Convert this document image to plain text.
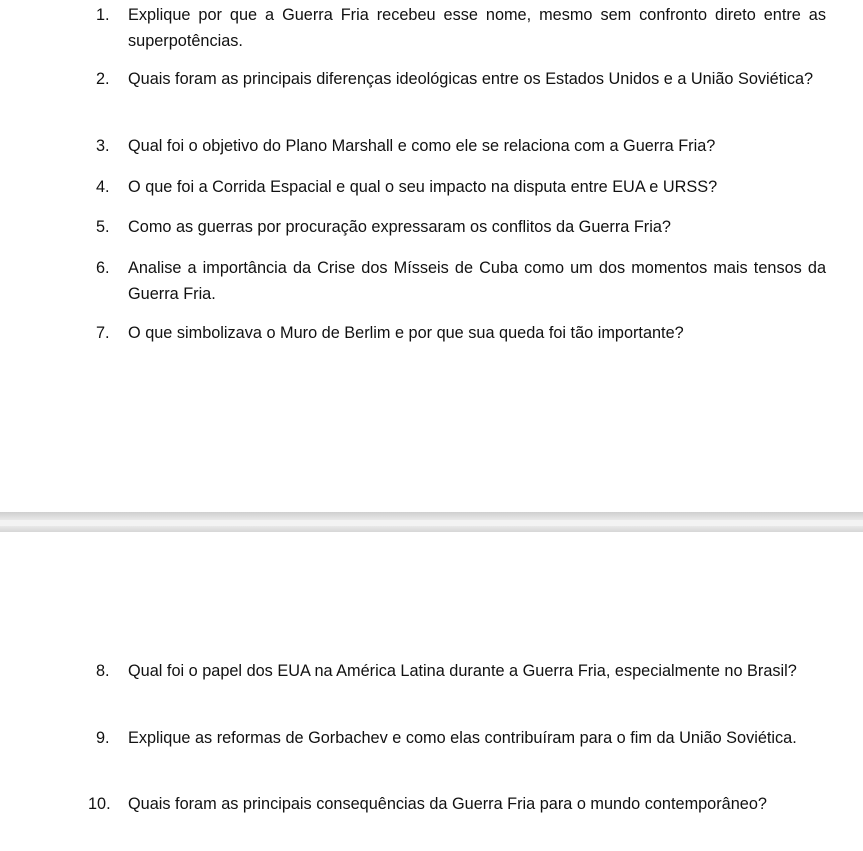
1.	Explique por que a Guerra Fria recebeu esse nome, mesmo sem confronto direto entre as superpotências.
2.	Quais foram as principais diferenças ideológicas entre os Estados Unidos e a União Soviética?
3.	Qual foi o objetivo do Plano Marshall e como ele se relaciona com a Guerra Fria?
4.	O que foi a Corrida Espacial e qual o seu impacto na disputa entre EUA e URSS?
5.	Como as guerras por procuração expressaram os conflitos da Guerra Fria?
6.	Analise a importância da Crise dos Mísseis de Cuba como um dos momentos mais tensos da Guerra Fria.
7.	O que simbolizava o Muro de Berlim e por que sua queda foi tão importante?
8.	Qual foi o papel dos EUA na América Latina durante a Guerra Fria, especialmente no Brasil?
9.	Explique as reformas de Gorbachev e como elas contribuíram para o fim da União Soviética.
10.	Quais foram as principais consequências da Guerra Fria para o mundo contemporâneo?
